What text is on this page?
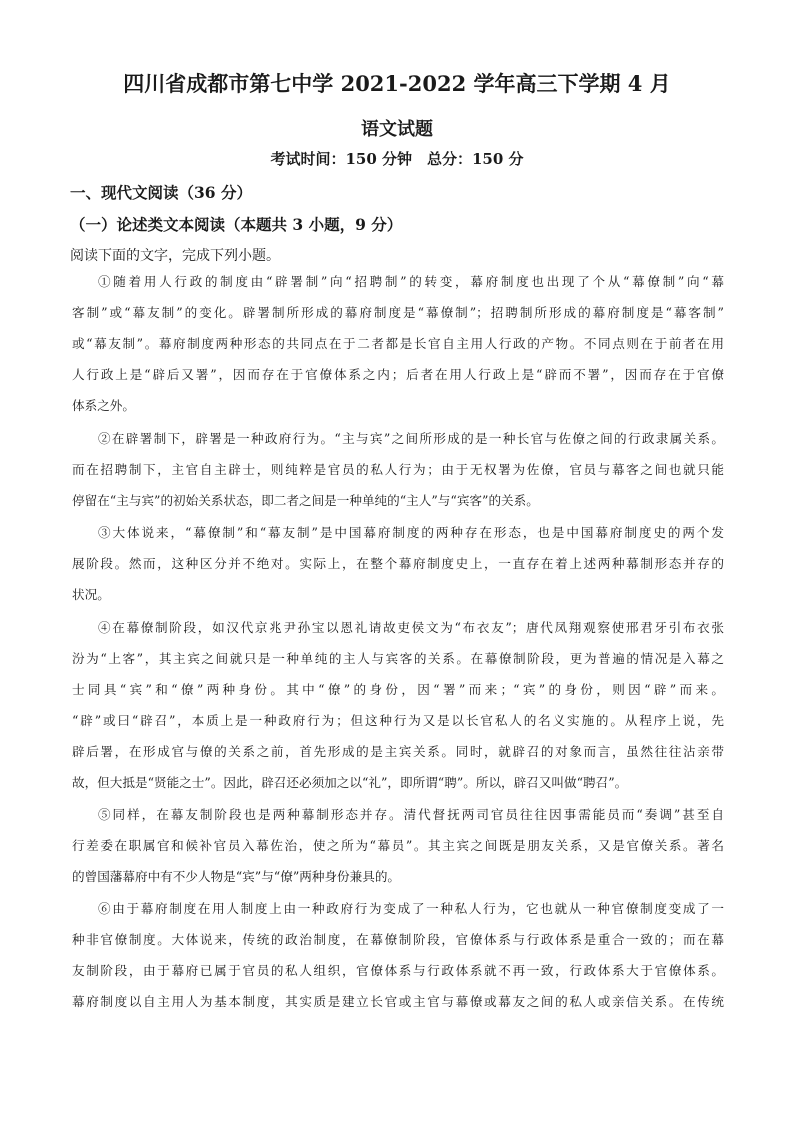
四川省成都市第七中学 2021-2022 学年高三下学期 4 月
语文试题
考试时间：150 分钟　总分：150 分
一、现代文阅读（36 分）
（一）论述类文本阅读（本题共 3 小题，9 分）
阅读下面的文字，完成下列小题。
①随着用人行政的制度由“辟署制”向“招聘制”的转变，幕府制度也出现了个从“幕僚制”向“幕
客制”或“幕友制”的变化。辟署制所形成的幕府制度是“幕僚制”；招聘制所形成的幕府制度是“幕客制”
或“幕友制”。幕府制度两种形态的共同点在于二者都是长官自主用人行政的产物。不同点则在于前者在用
人行政上是“辟后又署”，因而存在于官僚体系之内；后者在用人行政上是“辟而不署”，因而存在于官僚
体系之外。
②在辟署制下，辟署是一种政府行为。“主与宾”之间所形成的是一种长官与佐僚之间的行政隶属关系。
而在招聘制下，主官自主辟士，则纯粹是官员的私人行为；由于无权署为佐僚，官员与幕客之间也就只能
停留在“主与宾”的初始关系状态，即二者之间是一种单纯的“主人”与“宾客”的关系。
③大体说来，“幕僚制”和“幕友制”是中国幕府制度的两种存在形态，也是中国幕府制度史的两个发
展阶段。然而，这种区分并不绝对。实际上，在整个幕府制度史上，一直存在着上述两种幕制形态并存的
状况。
④在幕僚制阶段，如汉代京兆尹孙宝以恩礼请故吏侯文为“布衣友”；唐代凤翔观察使邢君牙引布衣张
汾为“上客”，其主宾之间就只是一种单纯的主人与宾客的关系。在幕僚制阶段，更为普遍的情况是入幕之
士同具“宾”和“僚”两种身份。其中“僚”的身份，因“署”而来；“宾”的身份，则因“辟”而来。
“辟”或曰“辟召”，本质上是一种政府行为；但这种行为又是以长官私人的名义实施的。从程序上说，先
辟后署，在形成官与僚的关系之前，首先形成的是主宾关系。同时，就辟召的对象而言，虽然往往沾亲带
故，但大抵是“贤能之士”。因此，辟召还必须加之以“礼”，即所谓“聘”。所以，辟召又叫做“聘召”。
⑤同样，在幕友制阶段也是两种幕制形态并存。清代督抚两司官员往往因事需能员而“奏调”甚至自
行差委在职属官和候补官员入幕佐治，使之所为“幕员”。其主宾之间既是朋友关系，又是官僚关系。著名
的曾国藩幕府中有不少人物是“宾”与“僚”两种身份兼具的。
⑥由于幕府制度在用人制度上由一种政府行为变成了一种私人行为，它也就从一种官僚制度变成了一
种非官僚制度。大体说来，传统的政治制度，在幕僚制阶段，官僚体系与行政体系是重合一致的；而在幕
友制阶段，由于幕府已属于官员的私人组织，官僚体系与行政体系就不再一致，行政体系大于官僚体系。
幕府制度以自主用人为基本制度，其实质是建立长官或主官与幕僚或幕友之间的私人或亲信关系。在传统
